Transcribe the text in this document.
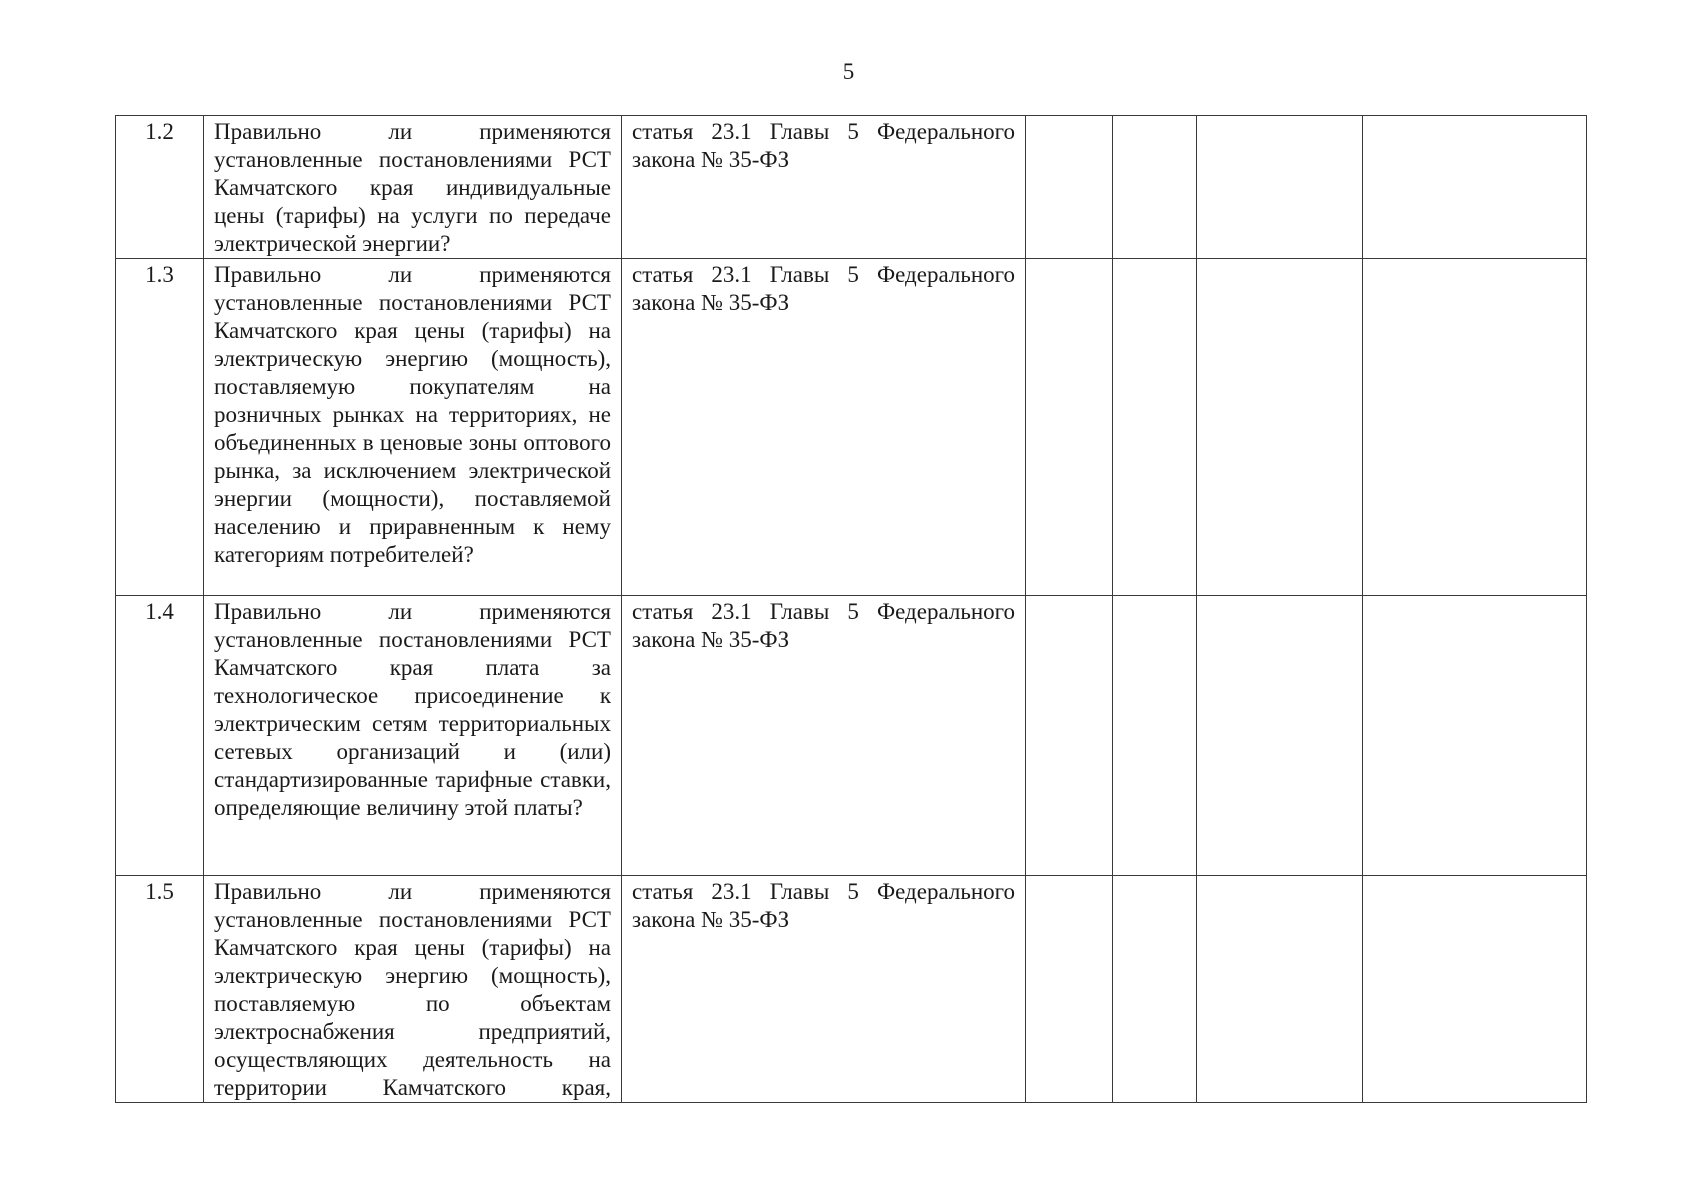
5
1.2	Правильно ли применяются установленные постановлениями РСТ Камчатского края индивидуальные цены (тарифы) на услуги по передаче электрической энергии?	статья 23.1 Главы 5 Федерального закона № 35-ФЗ				
1.3	Правильно ли применяются установленные постановлениями РСТ Камчатского края цены (тарифы) на электрическую энергию (мощность), поставляемую покупателям на розничных рынках на территориях, не объединенных в ценовые зоны оптового рынка, за исключением электрической энергии (мощности), поставляемой населению и приравненным к нему категориям потребителей?	статья 23.1 Главы 5 Федерального закона № 35-ФЗ				
1.4	Правильно ли применяются установленные постановлениями РСТ Камчатского края плата за технологическое присоединение к электрическим сетям территориальных сетевых организаций и (или) стандартизированные тарифные ставки, определяющие величину этой платы?	статья 23.1 Главы 5 Федерального закона № 35-ФЗ				
1.5	Правильно ли применяются установленные постановлениями РСТ Камчатского края цены (тарифы) на электрическую энергию (мощность), поставляемую по объектам электроснабжения предприятий, осуществляющих деятельность на территории Камчатского края,	статья 23.1 Главы 5 Федерального закона № 35-ФЗ				
